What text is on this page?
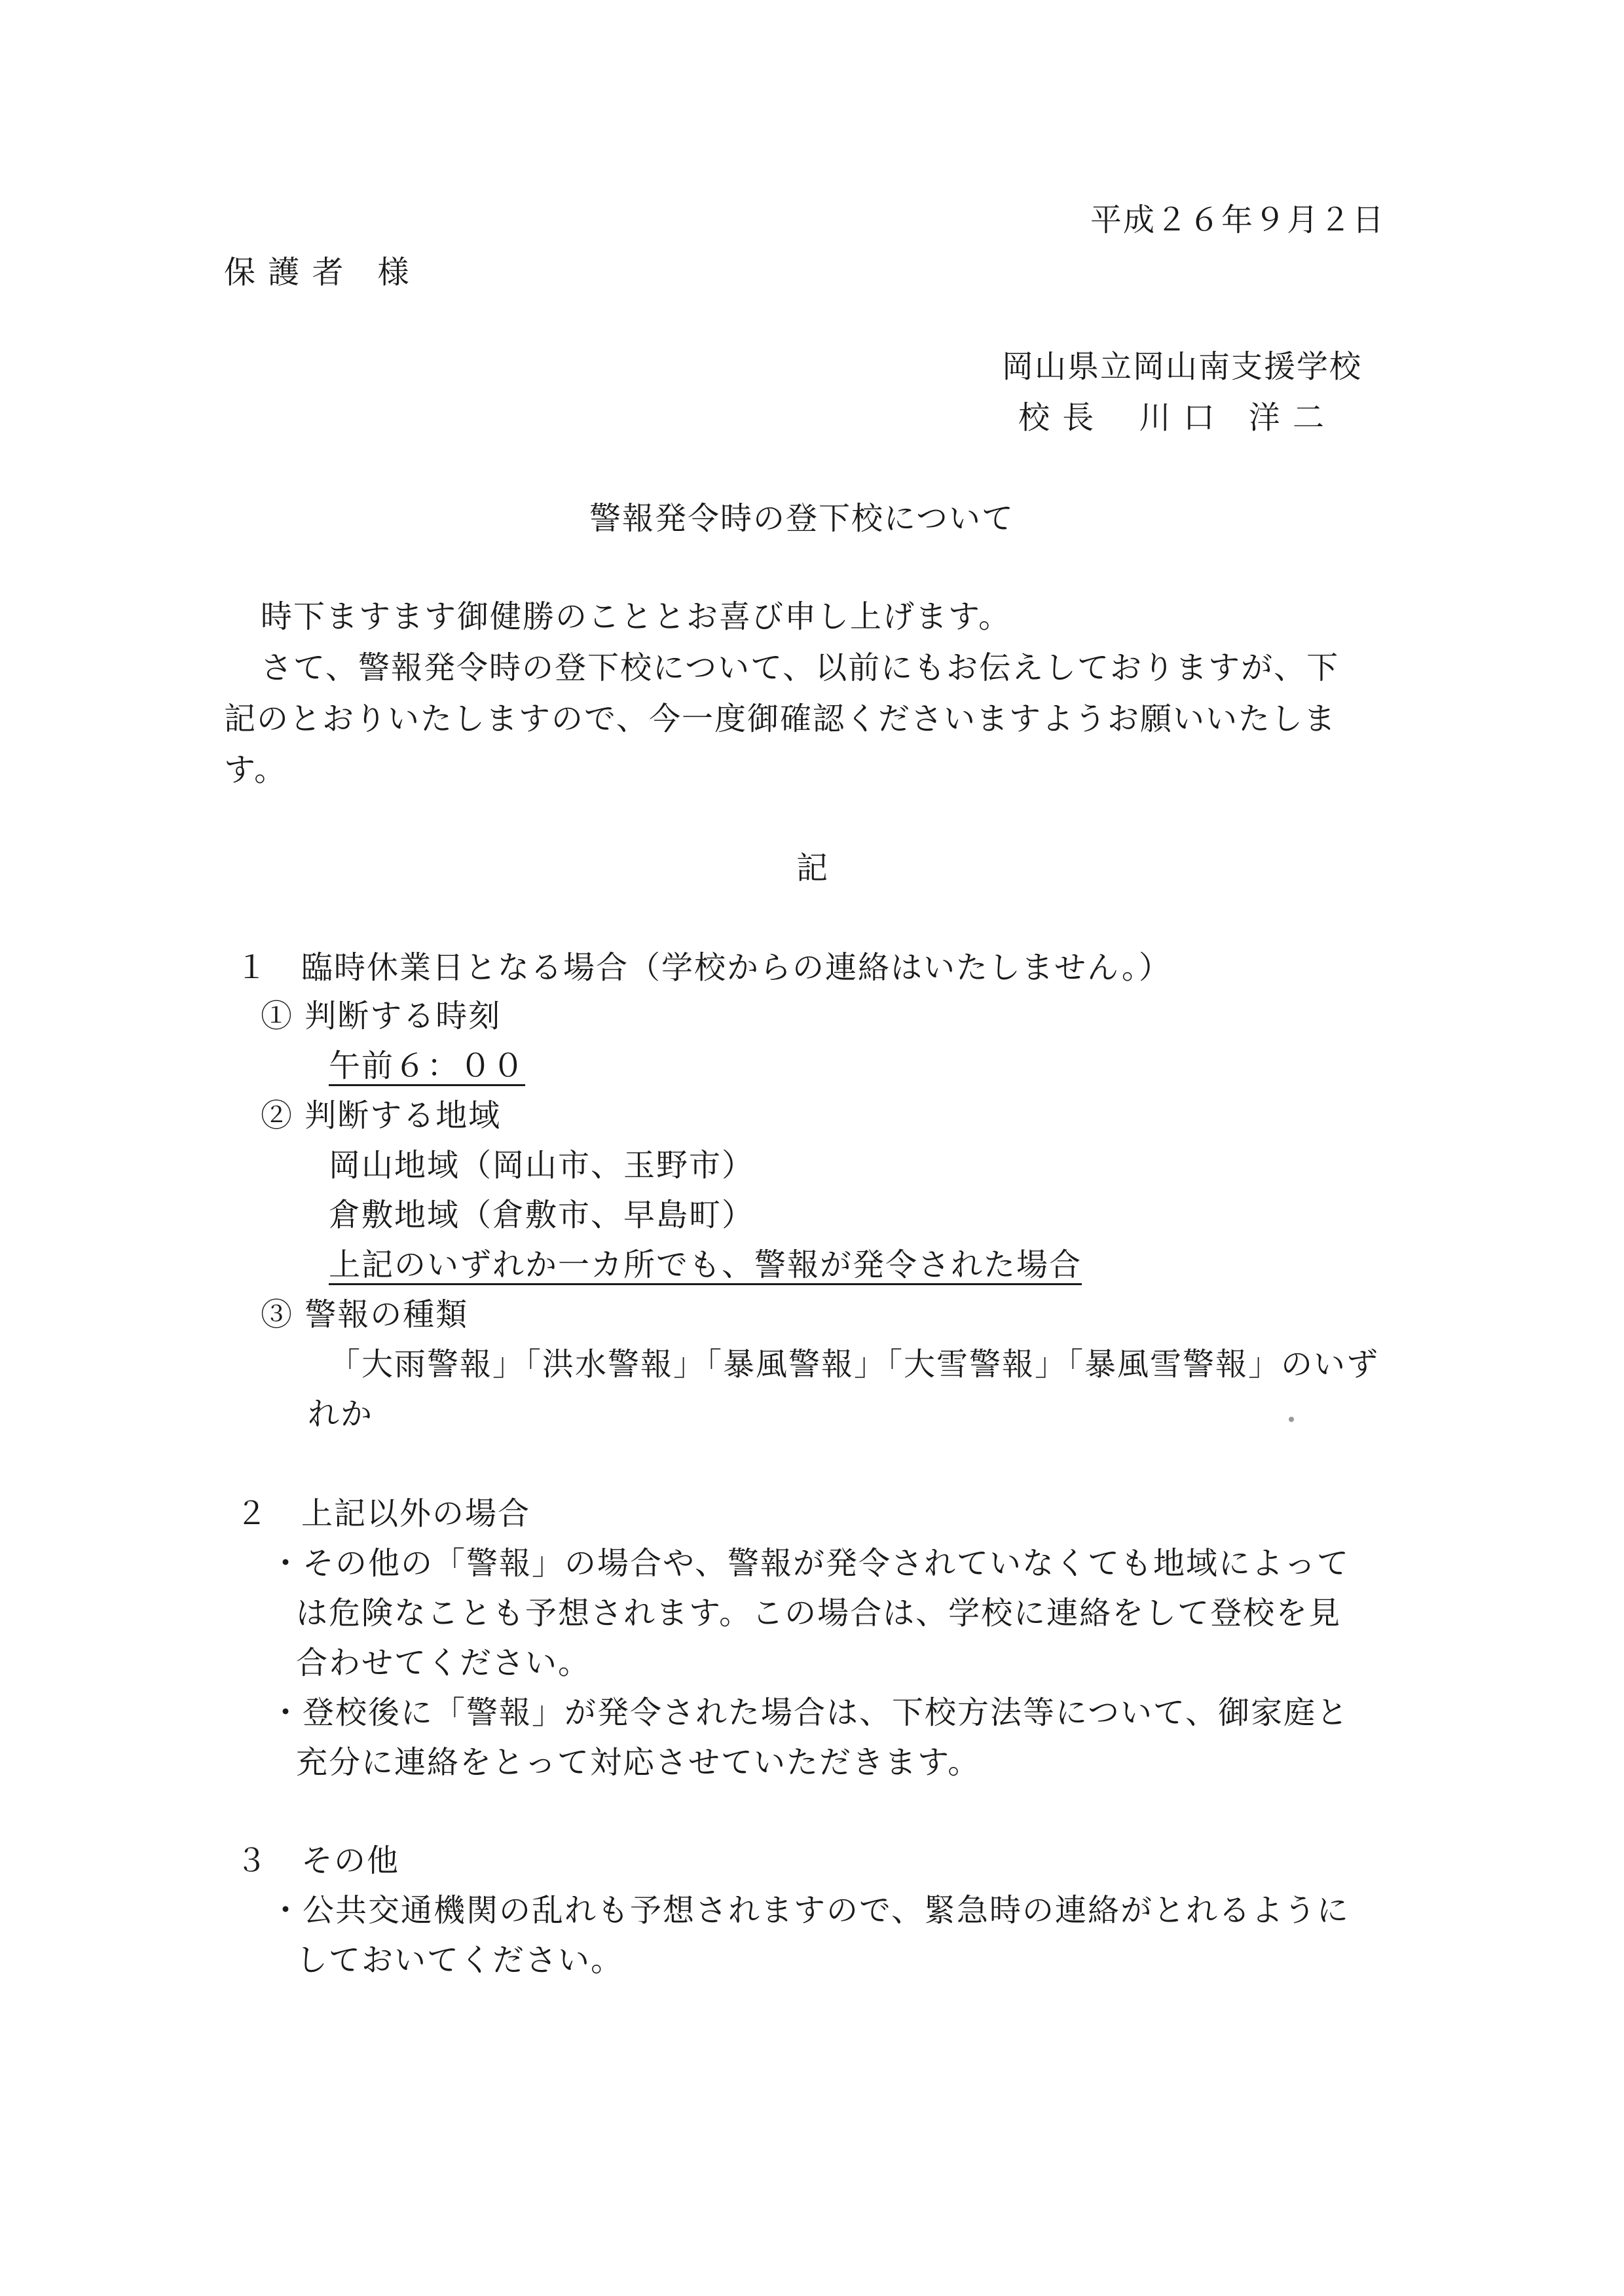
平成２６年９月２日
保 護 者　様
岡山県立岡山南支援学校
校 長　 川 口　洋 二
警報発令時の登下校について
時下ますます御健勝のこととお喜び申し上げます。
さて、警報発令時の登下校について、以前にもお伝えしておりますが、下
記のとおりいたしますので、今一度御確認くださいますようお願いいたしま
す。
記
１　臨時休業日となる場合（学校からの連絡はいたしません。）
① 判断する時刻
午前６：００
② 判断する地域
岡山地域（岡山市、玉野市）
倉敷地域（倉敷市、早島町）
上記のいずれか一カ所でも、警報が発令された場合
③ 警報の種類
「大雨警報」「洪水警報」「暴風警報」「大雪警報」「暴風雪警報」のいず
れか
２　上記以外の場合
・その他の「警報」の場合や、警報が発令されていなくても地域によって
は危険なことも予想されます。この場合は、学校に連絡をして登校を見
合わせてください。
・登校後に「警報」が発令された場合は、下校方法等について、御家庭と
充分に連絡をとって対応させていただきます。
３　その他
・公共交通機関の乱れも予想されますので、緊急時の連絡がとれるように
しておいてください。
